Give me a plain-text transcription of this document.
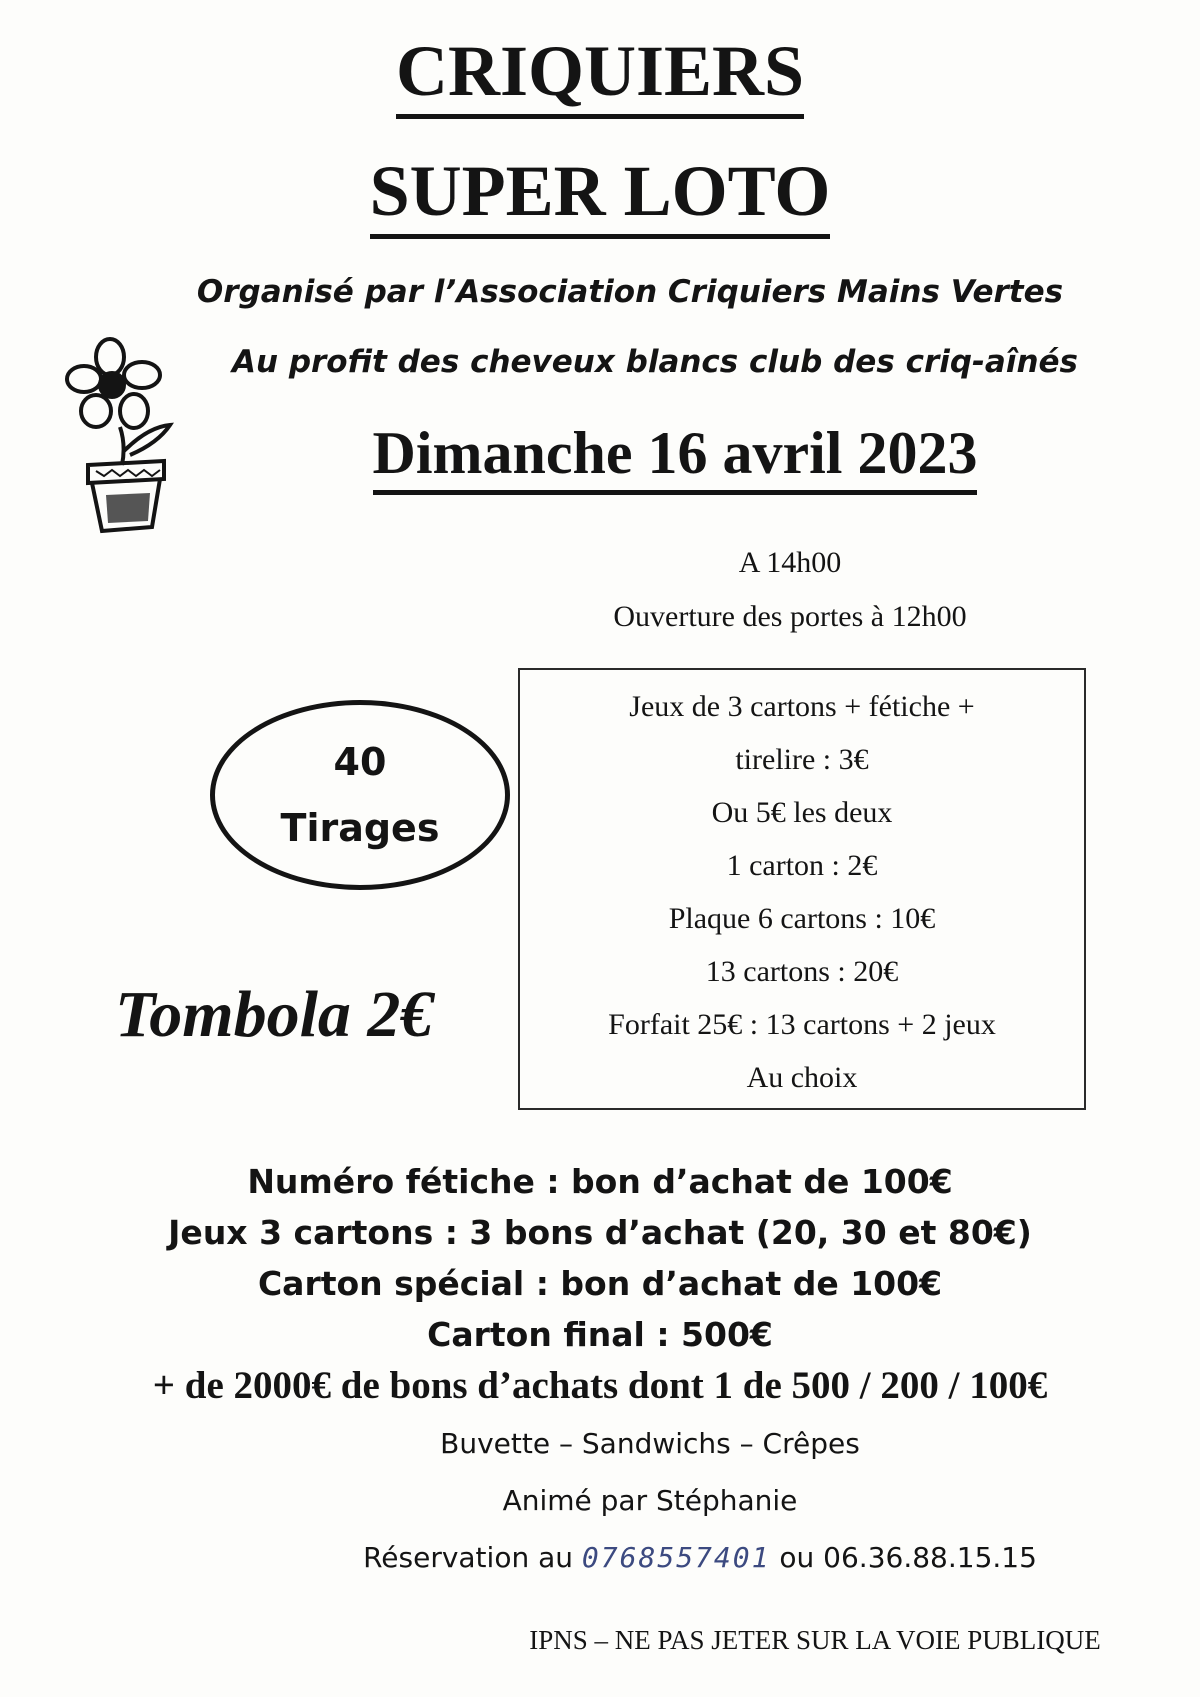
CRIQUIERS
SUPER LOTO
Organisé par l’Association Criquiers Mains Vertes
Au profit des cheveux blancs club des criq-aînés
Dimanche 16 avril 2023
A 14h00
Ouverture des portes à 12h00
40
Tirages
Tombola 2€
Jeux de 3 cartons + fétiche +
tirelire : 3€
Ou 5€ les deux
1 carton : 2€
Plaque 6 cartons : 10€
13 cartons : 20€
Forfait 25€ : 13 cartons + 2 jeux
Au choix
Numéro fétiche : bon d’achat de 100€
Jeux 3 cartons : 3 bons d’achat (20, 30 et 80€)
Carton spécial : bon d’achat de 100€
Carton final : 500€
+ de 2000€ de bons d’achats dont 1 de 500 / 200 / 100€
Buvette – Sandwichs – Crêpes
Animé par Stéphanie
Réservation au 0768557401 ou 06.36.88.15.15
IPNS – NE PAS JETER SUR LA VOIE PUBLIQUE
